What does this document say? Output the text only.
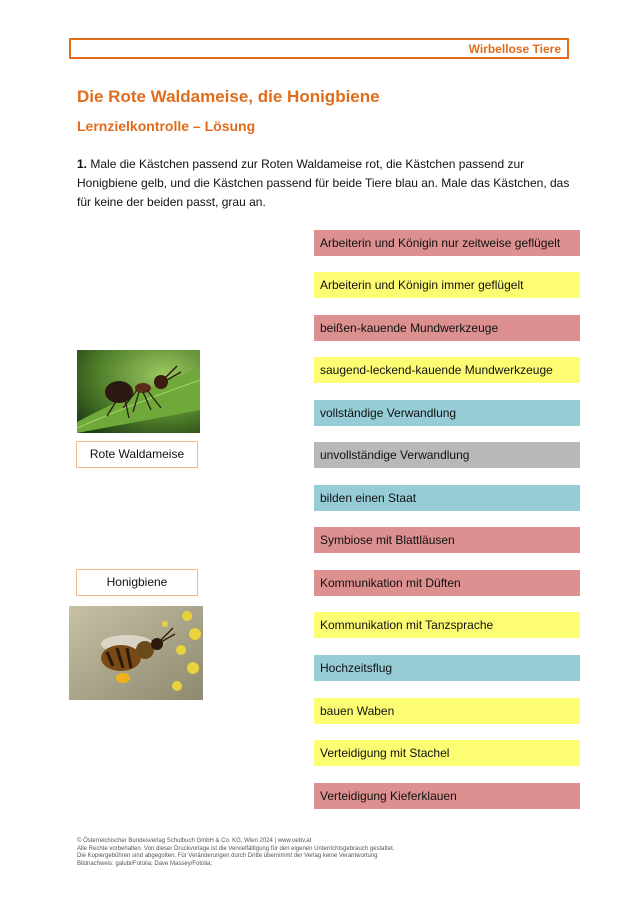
Wirbellose Tiere
Die Rote Waldameise, die Honigbiene
Lernzielkontrolle – Lösung
1. Male die Kästchen passend zur Roten Waldameise rot, die Kästchen passend zur Honigbiene gelb, und die Kästchen passend für beide Tiere blau an. Male das Kästchen, das für keine der beiden passt, grau an.
Rote Waldameise
Honigbiene
Arbeiterin und Königin nur zeitweise geflügelt
Arbeiterin und Königin immer geflügelt
beißen-kauende Mundwerkzeuge
saugend-leckend-kauende Mundwerkzeuge
vollständige Verwandlung
unvollständige Verwandlung
bilden einen Staat
Symbiose mit Blattläusen
Kommunikation mit Düften
Kommunikation mit Tanzsprache
Hochzeitsflug
bauen Waben
Verteidigung mit Stachel
Verteidigung Kieferklauen
© Österreichischer Bundesverlag Schulbuch GmbH & Co. KG, Wien 2024 | www.oebv.at
Alle Rechte vorbehalten. Von dieser Druckvorlage ist die Vervielfältigung für den eigenen Unterrichtsgebrauch gestattet.
Die Kopiergebühren sind abgegolten. Für Veränderungen durch Dritte übernimmt der Verlag keine Verantwortung
Bildnachweis: galubi/Fotolia; Dave Massey/Fotolia;
